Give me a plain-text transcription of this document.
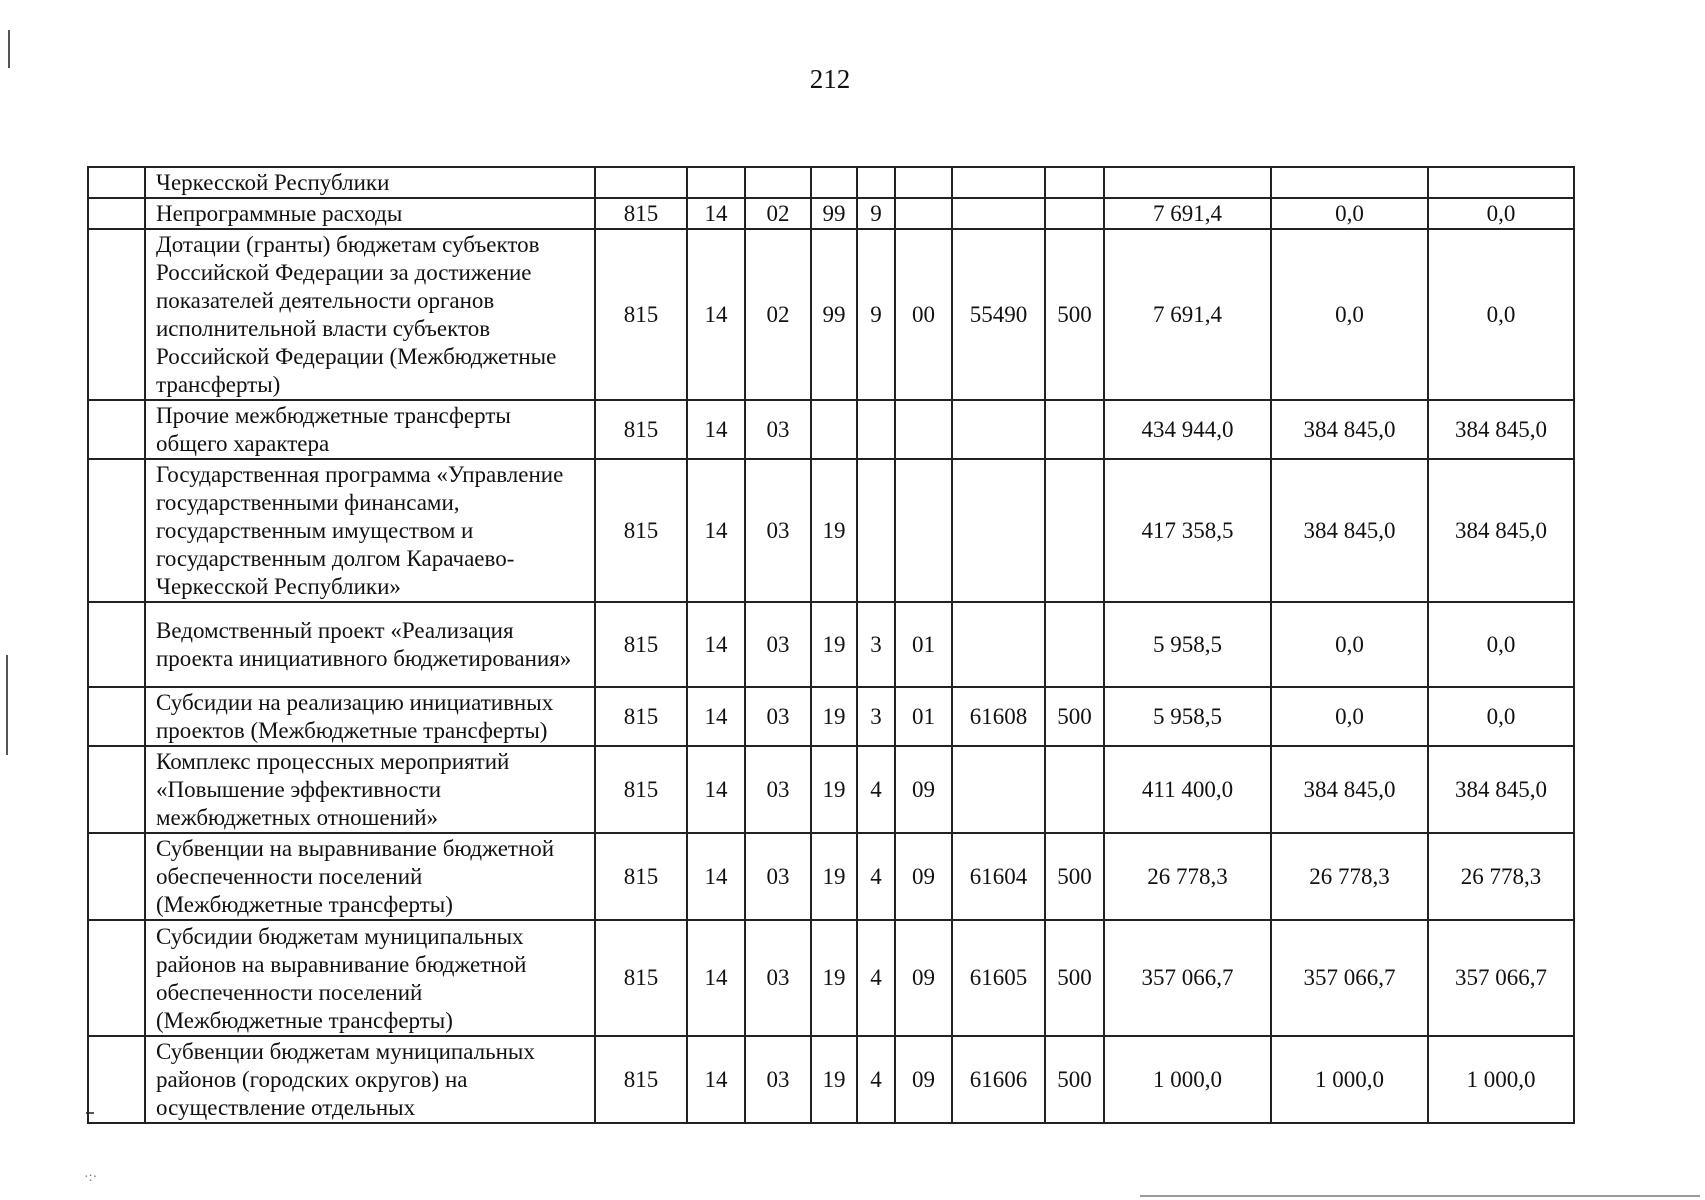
212
·:·
	Черкесской Республики											
	Непрограммные расходы	815	14	02	99	9				7 691,4	0,0	0,0
	Дотации (гранты) бюджетам субъектов Российской Федерации за достижение показателей деятельности органов исполнительной власти субъектов Российской Федерации (Межбюджетные трансферты)	815	14	02	99	9	00	55490	500	7 691,4	0,0	0,0
	Прочие межбюджетные трансферты общего характера	815	14	03						434 944,0	384 845,0	384 845,0
	Государственная программа «Управление государственными финансами, государственным имуществом и государственным долгом Карачаево-Черкесской Республики»	815	14	03	19					417 358,5	384 845,0	384 845,0
	Ведомственный проект «Реализация проекта инициативного бюджетирования»	815	14	03	19	3	01			5 958,5	0,0	0,0
	Субсидии на реализацию инициативных проектов (Межбюджетные трансферты)	815	14	03	19	3	01	61608	500	5 958,5	0,0	0,0
	Комплекс процессных мероприятий «Повышение эффективности межбюджетных отношений»	815	14	03	19	4	09			411 400,0	384 845,0	384 845,0
	Субвенции на выравнивание бюджетной обеспеченности поселений (Межбюджетные трансферты)	815	14	03	19	4	09	61604	500	26 778,3	26 778,3	26 778,3
	Субсидии бюджетам муниципальных районов на выравнивание бюджетной обеспеченности поселений (Межбюджетные трансферты)	815	14	03	19	4	09	61605	500	357 066,7	357 066,7	357 066,7
	Субвенции бюджетам муниципальных районов (городских округов) на осуществление отдельных	815	14	03	19	4	09	61606	500	1 000,0	1 000,0	1 000,0
